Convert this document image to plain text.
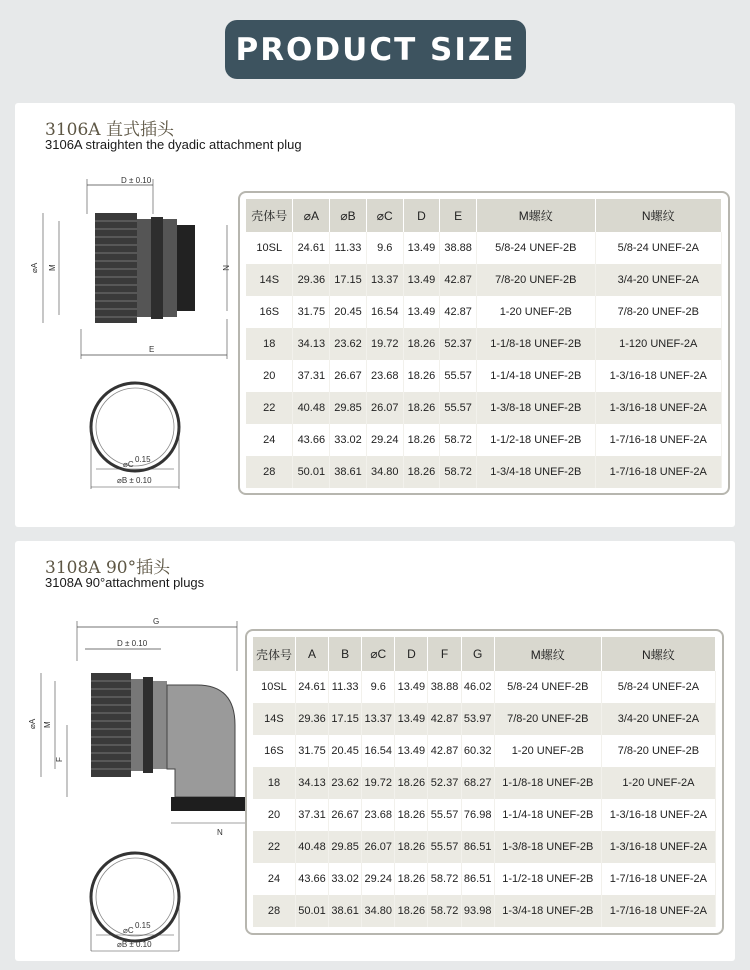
PRODUCT SIZE
3106A 直式插头
3106A straighten the dyadic attachment plug
D ± 0.10
⌀A M	N
E
⌀C
0.15
⌀B ± 0.10
壳体号	⌀A	⌀B	⌀C	D	E	M螺纹	N螺纹
10SL	24.61	11.33	9.6	13.49	38.88	5/8-24 UNEF-2B	5/8-24 UNEF-2A
14S	29.36	17.15	13.37	13.49	42.87	7/8-20 UNEF-2B	3/4-20 UNEF-2A
16S	31.75	20.45	16.54	13.49	42.87	1-20 UNEF-2B	7/8-20 UNEF-2B
18	34.13	23.62	19.72	18.26	52.37	1-1/8-18 UNEF-2B	1-120 UNEF-2A
20	37.31	26.67	23.68	18.26	55.57	1-1/4-18 UNEF-2B	1-3/16-18 UNEF-2A
22	40.48	29.85	26.07	18.26	55.57	1-3/8-18 UNEF-2B	1-3/16-18 UNEF-2A
24	43.66	33.02	29.24	18.26	58.72	1-1/2-18 UNEF-2B	1-7/16-18 UNEF-2A
28	50.01	38.61	34.80	18.26	58.72	1-3/4-18 UNEF-2B	1-7/16-18 UNEF-2A
3108A 90°插头
3108A 90°attachment plugs
G
D ± 0.10
⌀A M
F
N
⌀C
0.15
⌀B ± 0.10
壳体号	A	B	⌀C	D	F	G	M螺纹	N螺纹
10SL	24.61	11.33	9.6	13.49	38.88	46.02	5/8-24 UNEF-2B	5/8-24 UNEF-2A
14S	29.36	17.15	13.37	13.49	42.87	53.97	7/8-20 UNEF-2B	3/4-20 UNEF-2A
16S	31.75	20.45	16.54	13.49	42.87	60.32	1-20 UNEF-2B	7/8-20 UNEF-2B
18	34.13	23.62	19.72	18.26	52.37	68.27	1-1/8-18 UNEF-2B	1-20 UNEF-2A
20	37.31	26.67	23.68	18.26	55.57	76.98	1-1/4-18 UNEF-2B	1-3/16-18 UNEF-2A
22	40.48	29.85	26.07	18.26	55.57	86.51	1-3/8-18 UNEF-2B	1-3/16-18 UNEF-2A
24	43.66	33.02	29.24	18.26	58.72	86.51	1-1/2-18 UNEF-2B	1-7/16-18 UNEF-2A
28	50.01	38.61	34.80	18.26	58.72	93.98	1-3/4-18 UNEF-2B	1-7/16-18 UNEF-2A
